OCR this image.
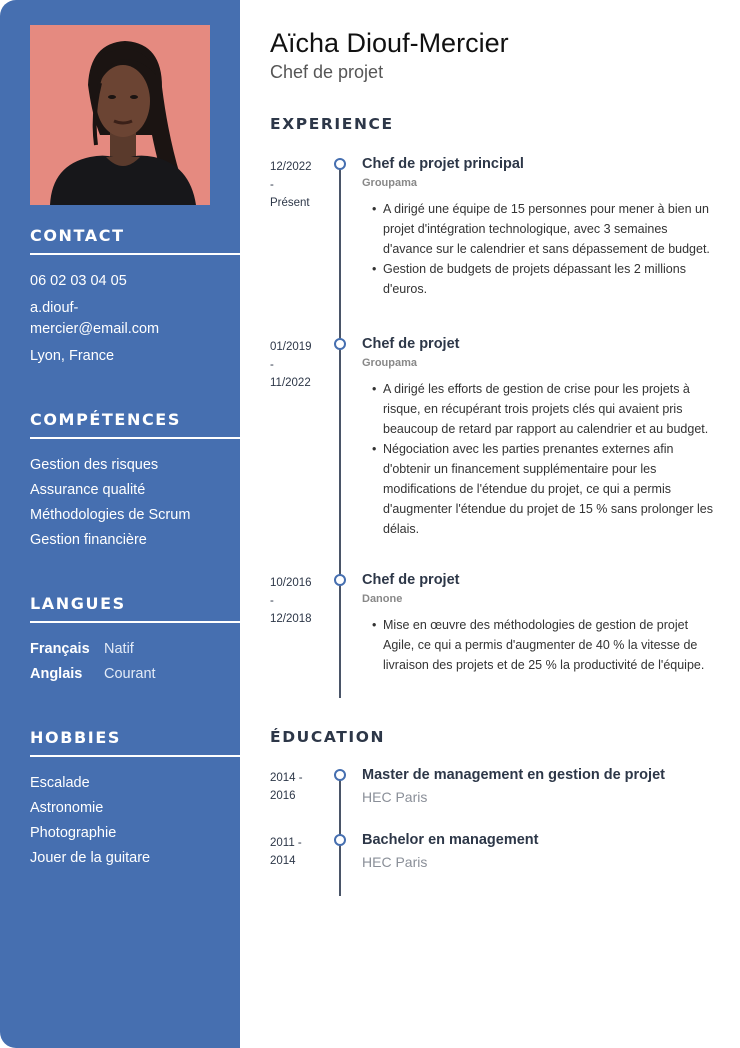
CONTACT
06 02 03 04 05
a.diouf-
mercier@email.com
Lyon, France
COMPÉTENCES
Gestion des risques
Assurance qualité
Méthodologies de Scrum
Gestion financière
LANGUES
Français Natif
Anglais	Courant
HOBBIES
Escalade
Astronomie
Photographie
Jouer de la guitare
Aïcha Diouf-Mercier
Chef de projet
EXPERIENCE
12/2022
-
Présent
Chef de projet principal
Groupama
• A dirigé une équipe de 15 personnes pour mener à bien un projet d'intégration technologique, avec 3 semaines d'avance sur le calendrier et sans dépassement de budget.
• Gestion de budgets de projets dépassant les 2 millions d'euros.
01/2019
-
11/2022
Chef de projet
Groupama
• A dirigé les efforts de gestion de crise pour les projets à risque, en récupérant trois projets clés qui avaient pris beaucoup de retard par rapport au calendrier et au budget.
• Négociation avec les parties prenantes externes afin d'obtenir un financement supplémentaire pour les modifications de l'étendue du projet, ce qui a permis d'augmenter l'étendue du projet de 15 % sans prolonger les délais.
10/2016
-
12/2018
Chef de projet
Danone
• Mise en œuvre des méthodologies de gestion de projet Agile, ce qui a permis d'augmenter de 40 % la vitesse de livraison des projets et de 25 % la productivité de l'équipe.
ÉDUCATION
2014 -
2016
Master de management en gestion de projet
HEC Paris
2011 -
2014
Bachelor en management
HEC Paris
